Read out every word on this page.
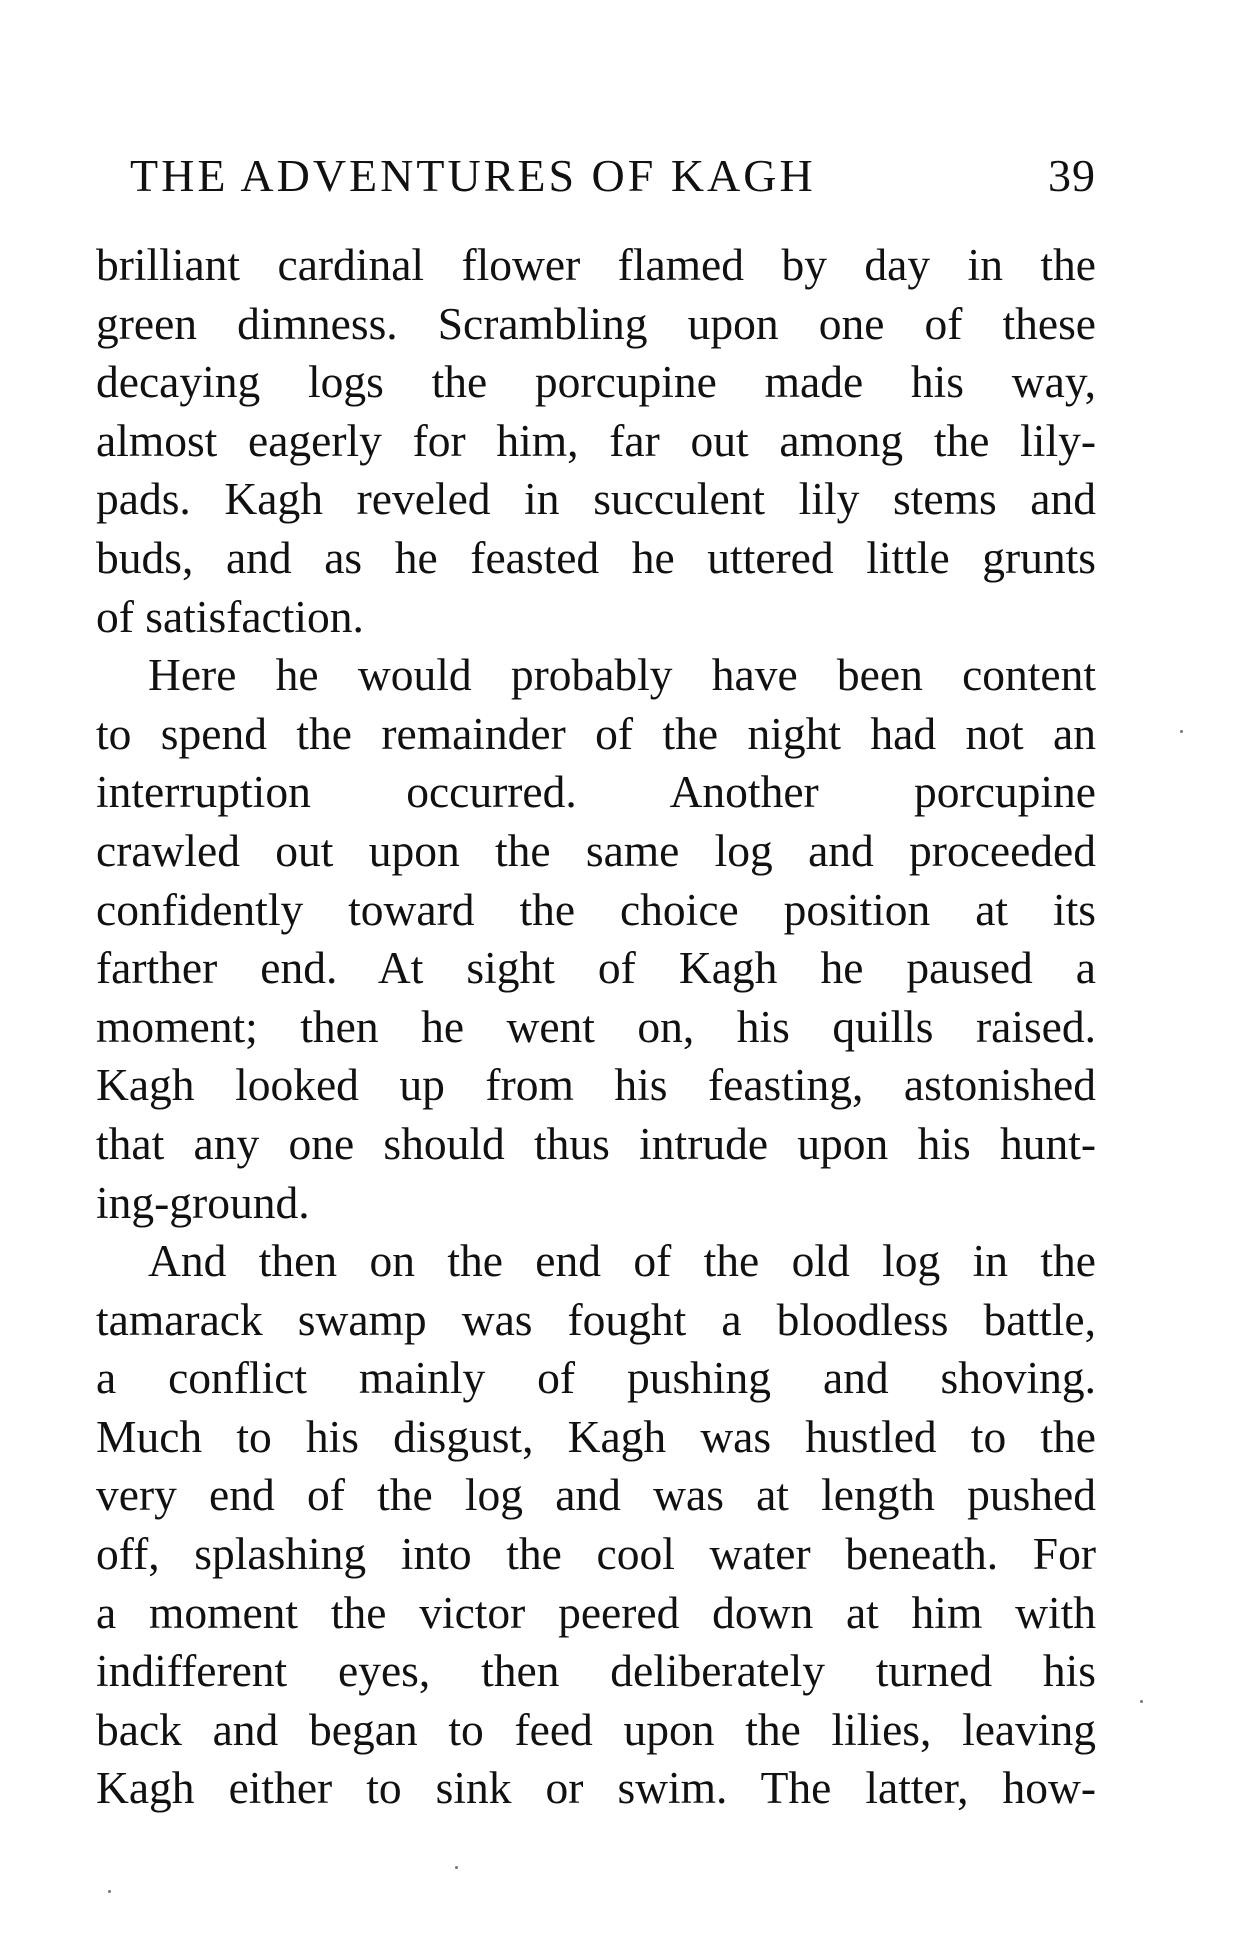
THE ADVENTURES OF KAGH	39
brilliant cardinal flower flamed by day in the
green dimness. Scrambling upon one of these
decaying logs the porcupine made his way,
almost eagerly for him, far out among the lily-
pads. Kagh reveled in succulent lily stems and
buds, and as he feasted he uttered little grunts
of satisfaction.
Here he would probably have been content
to spend the remainder of the night had not an
interruption occurred. Another porcupine
crawled out upon the same log and proceeded
confidently toward the choice position at its
farther end. At sight of Kagh he paused a
moment; then he went on, his quills raised.
Kagh looked up from his feasting, astonished
that any one should thus intrude upon his hunt-
ing-ground.
And then on the end of the old log in the
tamarack swamp was fought a bloodless battle,
a conflict mainly of pushing and shoving.
Much to his disgust, Kagh was hustled to the
very end of the log and was at length pushed
off, splashing into the cool water beneath. For
a moment the victor peered down at him with
indifferent eyes, then deliberately turned his
back and began to feed upon the lilies, leaving
Kagh either to sink or swim. The latter, how-
